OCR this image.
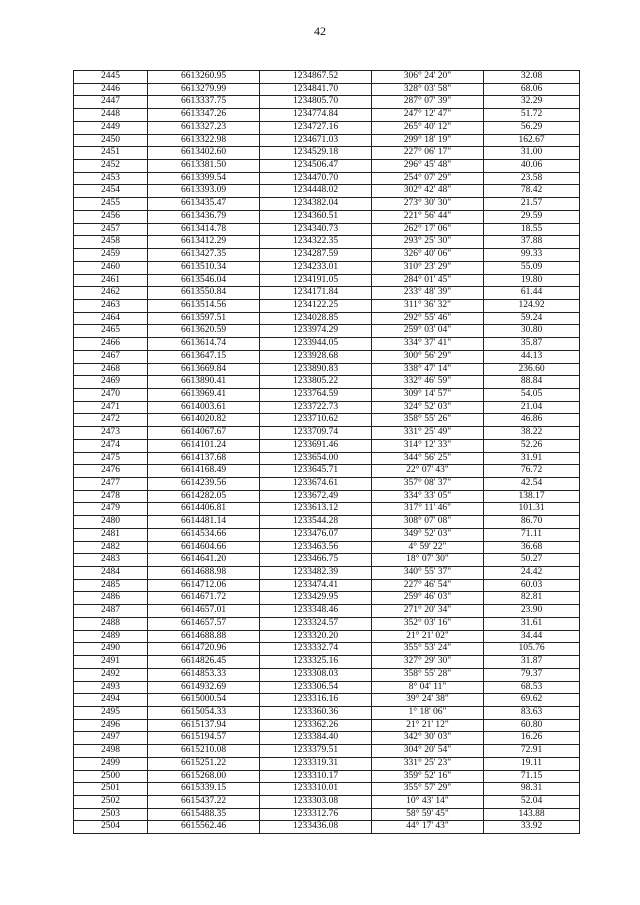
42
2445	6613260.95	1234867.52	306° 24' 20"	32.08
2446	6613279.99	1234841.70	328° 03' 58"	68.06
2447	6613337.75	1234805.70	287° 07' 39"	32.29
2448	6613347.26	1234774.84	247° 12' 47"	51.72
2449	6613327.23	1234727.16	265° 40' 12"	56.29
2450	6613322.98	1234671.03	299° 18' 19"	162.67
2451	6613402.60	1234529.18	227° 06' 17"	31.00
2452	6613381.50	1234506.47	296° 45' 48"	40.06
2453	6613399.54	1234470.70	254° 07' 29"	23.58
2454	6613393.09	1234448.02	302° 42' 48"	78.42
2455	6613435.47	1234382.04	273° 30' 30"	21.57
2456	6613436.79	1234360.51	221° 56' 44"	29.59
2457	6613414.78	1234340.73	262° 17' 06"	18.55
2458	6613412.29	1234322.35	293° 25' 30"	37.88
2459	6613427.35	1234287.59	326° 40' 06"	99.33
2460	6613510.34	1234233.01	310° 23' 29"	55.09
2461	6613546.04	1234191.05	284° 01' 45"	19.80
2462	6613550.84	1234171.84	233° 48' 39"	61.44
2463	6613514.56	1234122.25	311° 36' 32"	124.92
2464	6613597.51	1234028.85	292° 55' 46"	59.24
2465	6613620.59	1233974.29	259° 03' 04"	30.80
2466	6613614.74	1233944.05	334° 37' 41"	35.87
2467	6613647.15	1233928.68	300° 56' 29"	44.13
2468	6613669.84	1233890.83	338° 47' 14"	236.60
2469	6613890.41	1233805.22	332° 46' 59"	88.84
2470	6613969.41	1233764.59	309° 14' 57"	54.05
2471	6614003.61	1233722.73	324° 52' 03"	21.04
2472	6614020.82	1233710.62	358° 55' 26"	46.86
2473	6614067.67	1233709.74	331° 25' 49"	38.22
2474	6614101.24	1233691.46	314° 12' 33"	52.26
2475	6614137.68	1233654.00	344° 56' 25"	31.91
2476	6614168.49	1233645.71	22° 07' 43"	76.72
2477	6614239.56	1233674.61	357° 08' 37"	42.54
2478	6614282.05	1233672.49	334° 33' 05"	138.17
2479	6614406.81	1233613.12	317° 11' 46"	101.31
2480	6614481.14	1233544.28	308° 07' 08"	86.70
2481	6614534.66	1233476.07	349° 52' 03"	71.11
2482	6614604.66	1233463.56	4° 59' 22"	36.68
2483	6614641.20	1233466.75	18° 07' 30"	50.27
2484	6614688.98	1233482.39	340° 55' 37"	24.42
2485	6614712.06	1233474.41	227° 46' 54"	60.03
2486	6614671.72	1233429.95	259° 46' 03"	82.81
2487	6614657.01	1233348.46	271° 20' 34"	23.90
2488	6614657.57	1233324.57	352° 03' 16"	31.61
2489	6614688.88	1233320.20	21° 21' 02"	34.44
2490	6614720.96	1233332.74	355° 53' 24"	105.76
2491	6614826.45	1233325.16	327° 29' 30"	31.87
2492	6614853.33	1233308.03	358° 55' 28"	79.37
2493	6614932.69	1233306.54	8° 04' 11"	68.53
2494	6615000.54	1233316.16	39° 24' 38"	69.62
2495	6615054.33	1233360.36	1° 18' 06"	83.63
2496	6615137.94	1233362.26	21° 21' 12"	60.80
2497	6615194.57	1233384.40	342° 30' 03"	16.26
2498	6615210.08	1233379.51	304° 20' 54"	72.91
2499	6615251.22	1233319.31	331° 25' 23"	19.11
2500	6615268.00	1233310.17	359° 52' 16"	71.15
2501	6615339.15	1233310.01	355° 57' 29"	98.31
2502	6615437.22	1233303.08	10° 43' 14"	52.04
2503	6615488.35	1233312.76	58° 59' 45"	143.88
2504	6615562.46	1233436.08	44° 17' 43"	33.92
